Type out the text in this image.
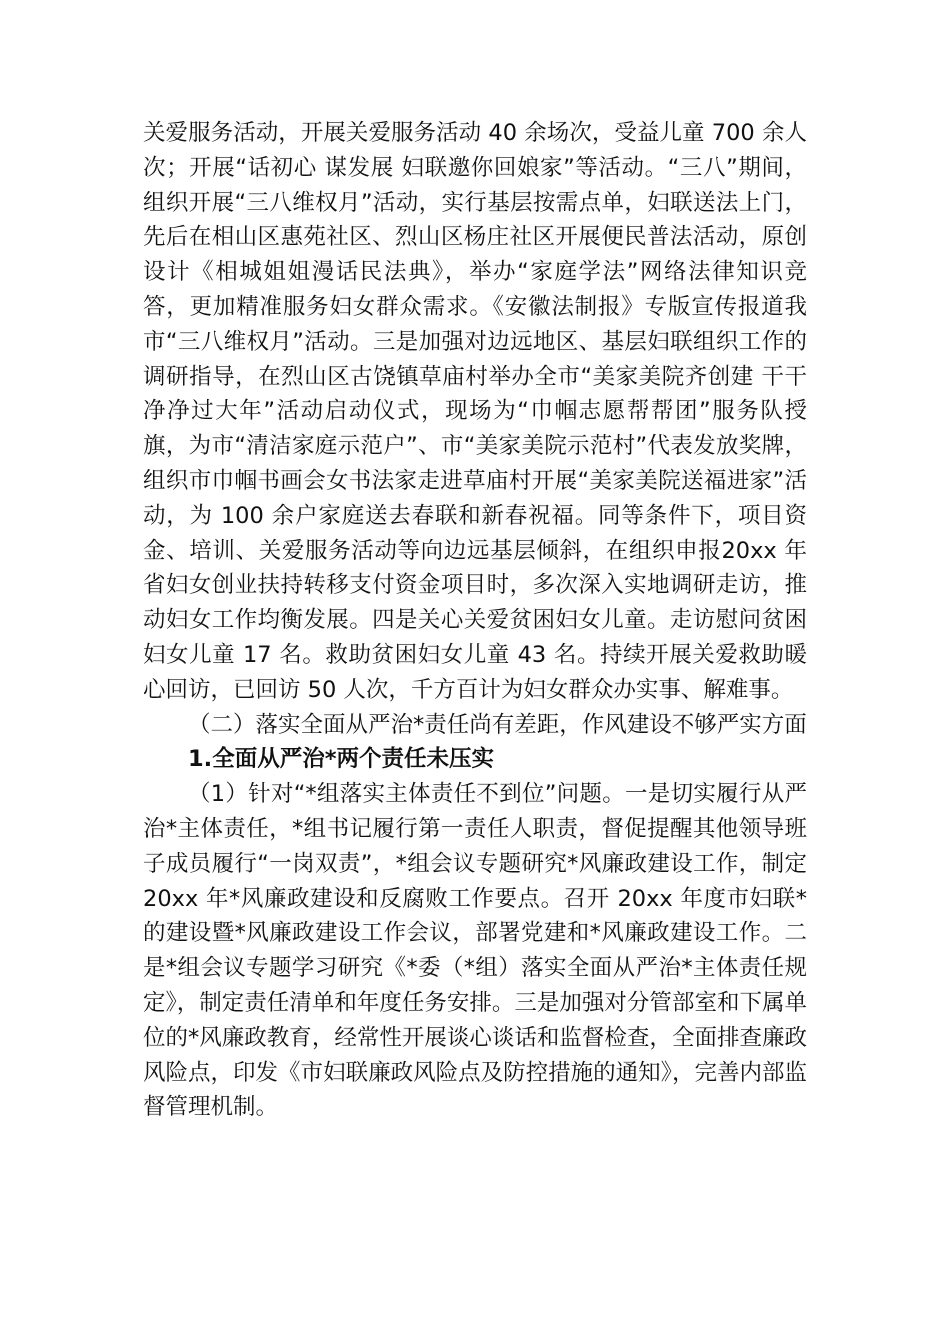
关爱服务活动，开展关爱服务活动 40 余场次，受益儿童 700 余人次；开展“话初心 谋发展 妇联邀你回娘家”等活动。“三八”期间，组织开展“三八维权月”活动，实行基层按需点单，妇联送法上门，先后在相山区惠苑社区、烈山区杨庄社区开展便民普法活动，原创设计《相城姐姐漫话民法典》，举办“家庭学法”网络法律知识竞答，更加精准服务妇女群众需求。《安徽法制报》专版宣传报道我市“三八维权月”活动。三是加强对边远地区、基层妇联组织工作的调研指导，在烈山区古饶镇草庙村举办全市“美家美院齐创建 干干净净过大年”活动启动仪式，现场为“巾帼志愿帮帮团”服务队授旗，为市“清洁家庭示范户”、市“美家美院示范村”代表发放奖牌，组织市巾帼书画会女书法家走进草庙村开展“美家美院送福进家”活动，为 100 余户家庭送去春联和新春祝福。同等条件下，项目资金、培训、关爱服务活动等向边远基层倾斜，在组织申报20xx 年省妇女创业扶持转移支付资金项目时，多次深入实地调研走访，推动妇女工作均衡发展。四是关心关爱贫困妇女儿童。走访慰问贫困妇女儿童 17 名。救助贫困妇女儿童 43 名。持续开展关爱救助暖心回访，已回访 50 人次，千方百计为妇女群众办实事、解难事。

（二）落实全面从严治*责任尚有差距，作风建设不够严实方面

1.全面从严治*两个责任未压实

（1）针对“*组落实主体责任不到位”问题。一是切实履行从严治*主体责任，*组书记履行第一责任人职责，督促提醒其他领导班子成员履行“一岗双责”，*组会议专题研究*风廉政建设工作，制定 20xx 年*风廉政建设和反腐败工作要点。召开 20xx 年度市妇联*的建设暨*风廉政建设工作会议，部署党建和*风廉政建设工作。二是*组会议专题学习研究《*委（*组）落实全面从严治*主体责任规定》，制定责任清单和年度任务安排。三是加强对分管部室和下属单位的*风廉政教育，经常性开展谈心谈话和监督检查，全面排查廉政风险点，印发《市妇联廉政风险点及防控措施的通知》，完善内部监督管理机制。
